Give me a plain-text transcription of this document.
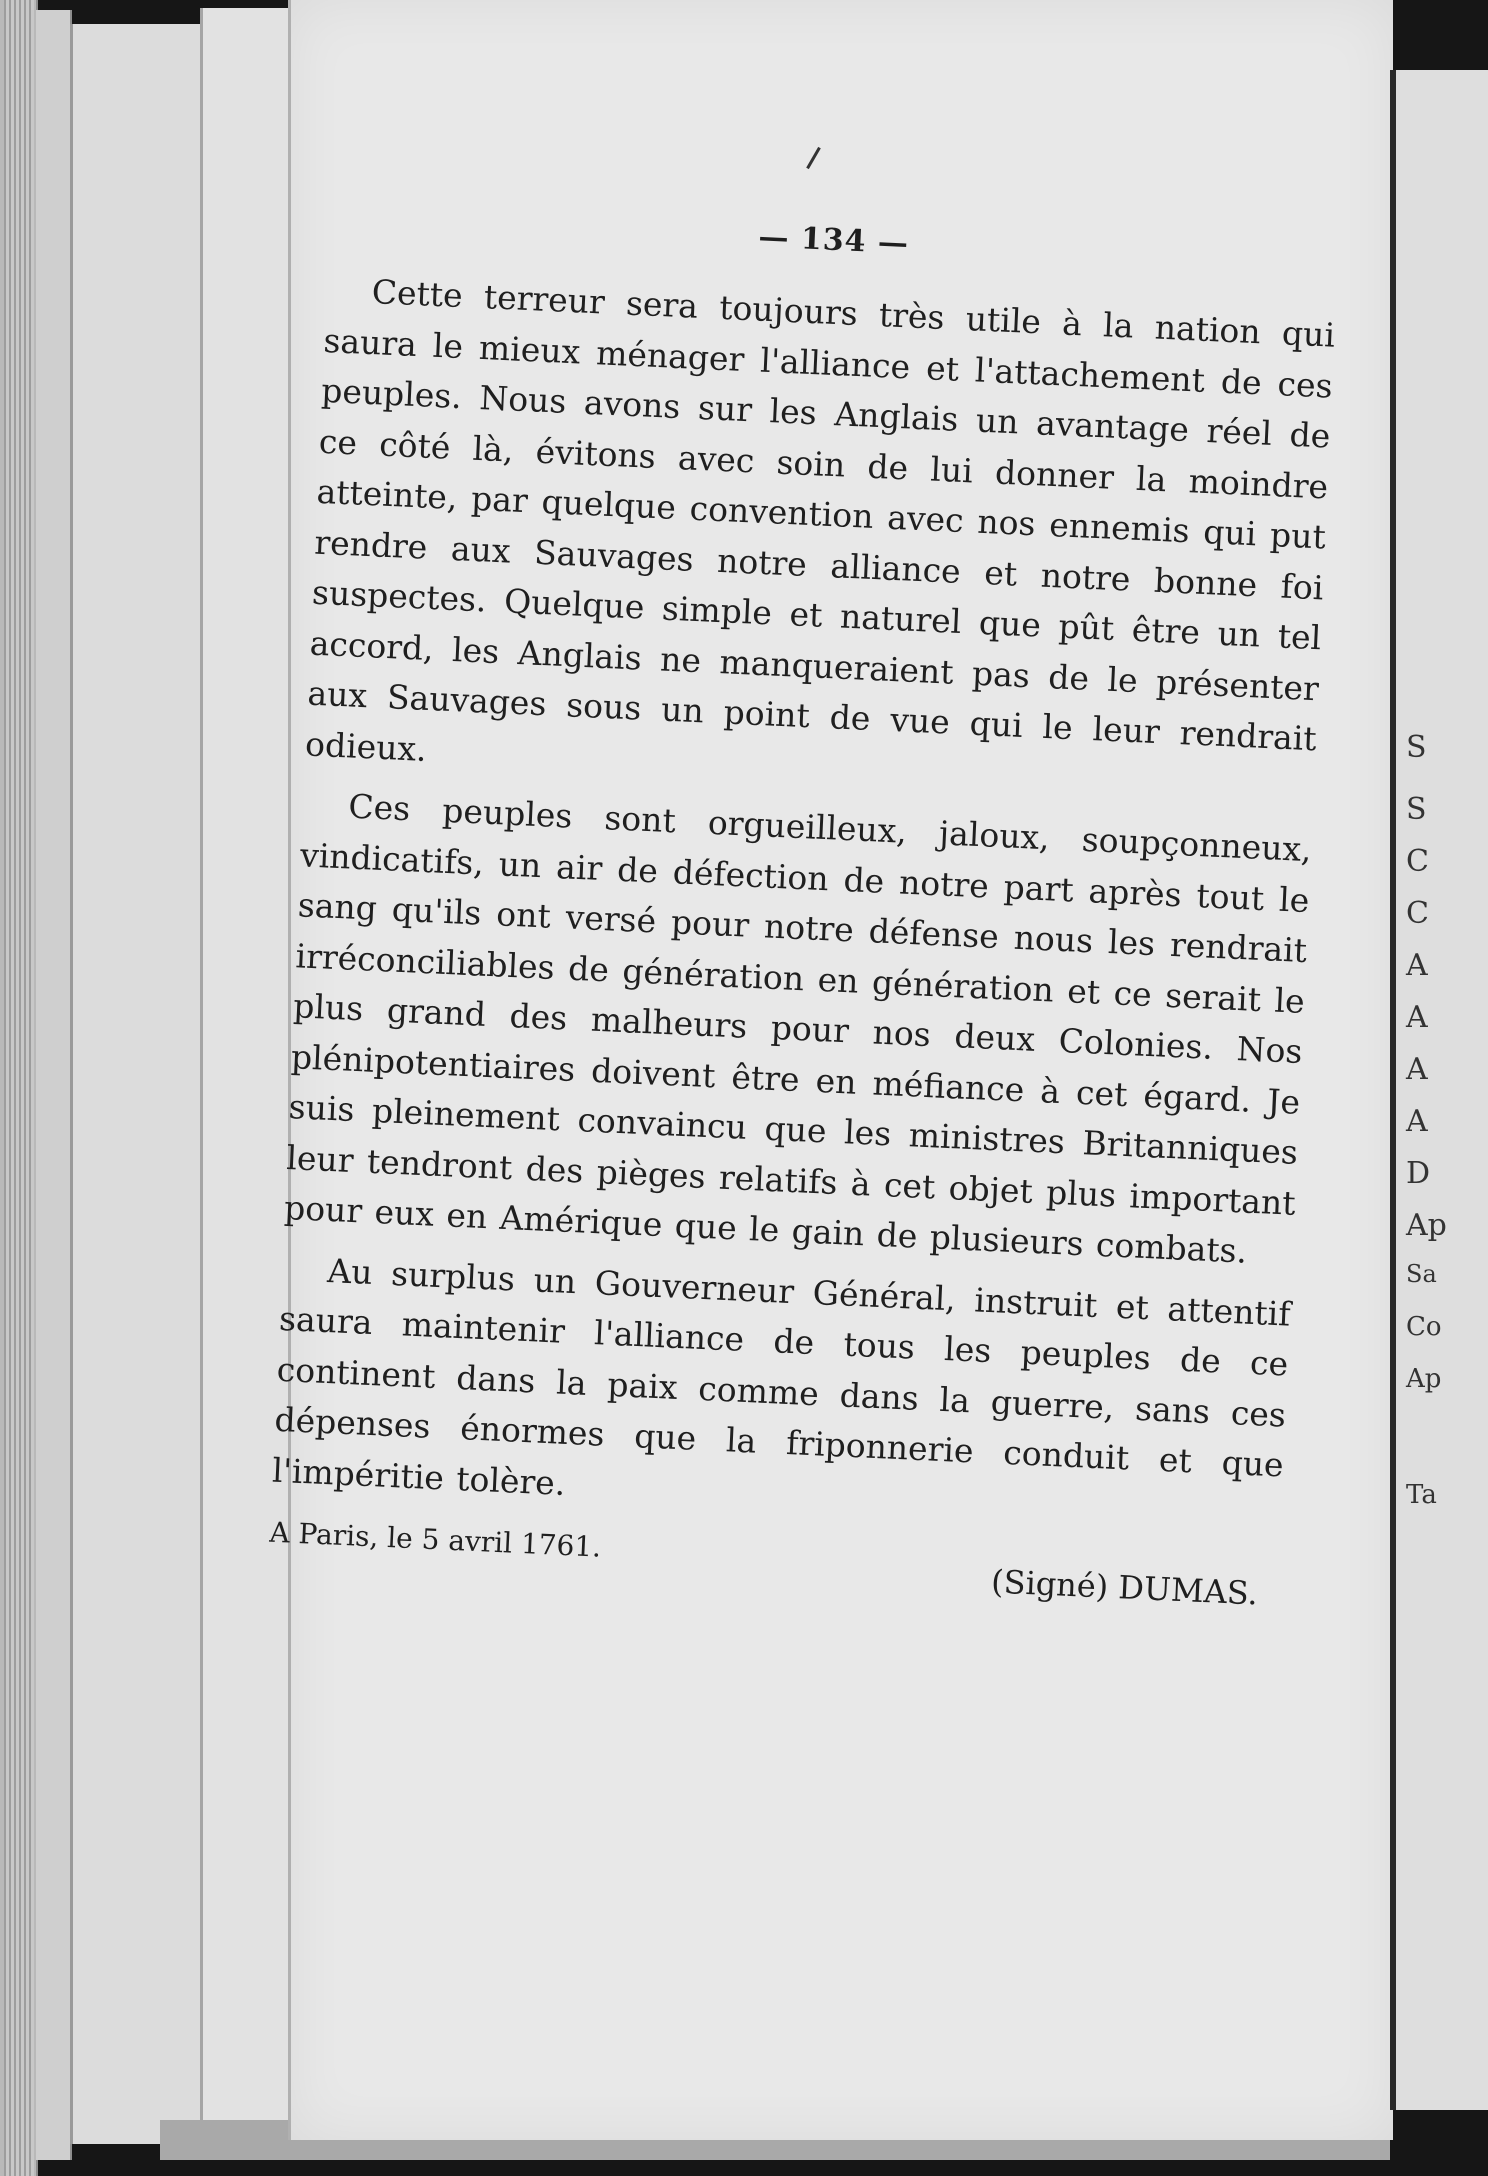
S
S
C
C
A
A
A
A
D
Ap
Sa
Co
Ap
Ta
— 134 —

Cette terreur sera toujours très utile à la nation qui saura le mieux ménager l'alliance et l'attachement de ces peuples. Nous avons sur les Anglais un avantage réel de ce côté là, évitons avec soin de lui donner la moindre atteinte, par quelque convention avec nos ennemis qui put rendre aux Sauvages notre alliance et notre bonne foi suspectes. Quelque simple et naturel que pût être un tel accord, les Anglais ne manqueraient pas de le présenter aux Sauvages sous un point de vue qui le leur rendrait odieux.

Ces peuples sont orgueilleux, jaloux, soupçonneux, vindicatifs, un air de défection de notre part après tout le sang qu'ils ont versé pour notre défense nous les rendrait irréconciliables de génération en génération et ce serait le plus grand des malheurs pour nos deux Colonies. Nos plénipotentiaires doivent être en méfiance à cet égard. Je suis pleinement convaincu que les ministres Britanniques leur tendront des pièges relatifs à cet objet plus important pour eux en Amérique que le gain de plusieurs combats.

Au surplus un Gouverneur Général, instruit et attentif saura maintenir l'alliance de tous les peuples de ce continent dans la paix comme dans la guerre, sans ces dépenses énormes que la friponnerie conduit et que l'impéritie tolère.

A Paris, le 5 avril 1761.
(Signé) DUMAS.
